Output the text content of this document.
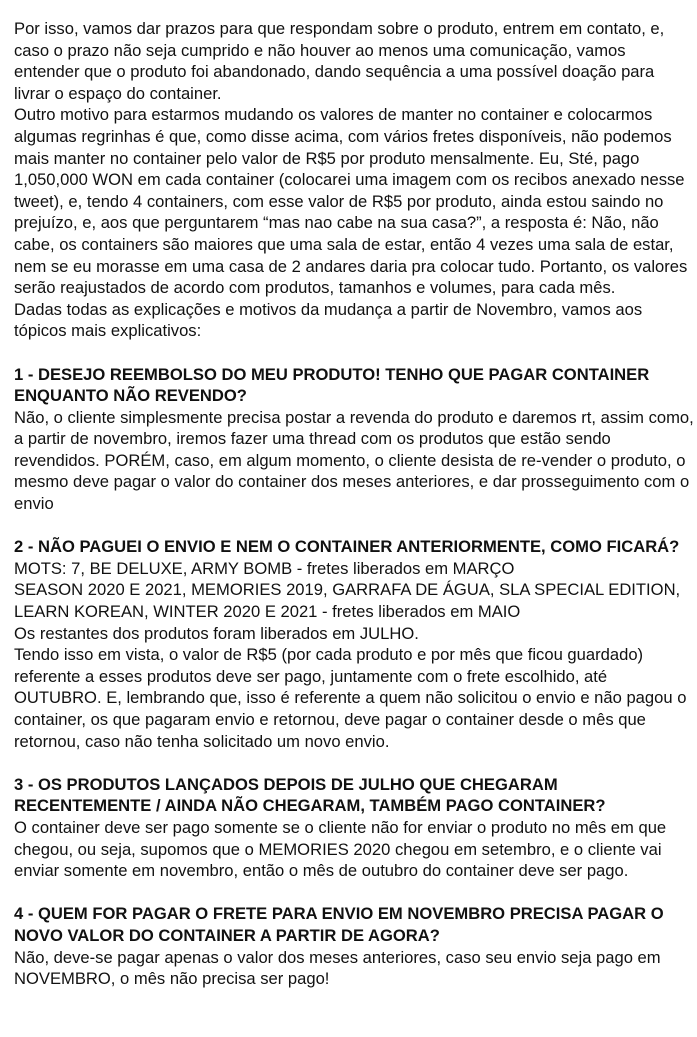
Por isso, vamos dar prazos para que respondam sobre o produto, entrem em contato, e,
caso o prazo não seja cumprido e não houver ao menos uma comunicação, vamos
entender que o produto foi abandonado, dando sequência a uma possível doação para
livrar o espaço do container.

Outro motivo para estarmos mudando os valores de manter no container e colocarmos
algumas regrinhas é que, como disse acima, com vários fretes disponíveis, não podemos
mais manter no container pelo valor de R$5 por produto mensalmente. Eu, Sté, pago
1,050,000 WON em cada container (colocarei uma imagem com os recibos anexado nesse
tweet), e, tendo 4 containers, com esse valor de R$5 por produto, ainda estou saindo no
prejuízo, e, aos que perguntarem “mas nao cabe na sua casa?”, a resposta é: Não, não
cabe, os containers são maiores que uma sala de estar, então 4 vezes uma sala de estar,
nem se eu morasse em uma casa de 2 andares daria pra colocar tudo. Portanto, os valores
serão reajustados de acordo com produtos, tamanhos e volumes, para cada mês.

Dadas todas as explicações e motivos da mudança a partir de Novembro, vamos aos
tópicos mais explicativos:

1 - DESEJO REEMBOLSO DO MEU PRODUTO! TENHO QUE PAGAR CONTAINER
ENQUANTO NÃO REVENDO?

Não, o cliente simplesmente precisa postar a revenda do produto e daremos rt, assim como,
a partir de novembro, iremos fazer uma thread com os produtos que estão sendo
revendidos. PORÉM, caso, em algum momento, o cliente desista de re-vender o produto, o
mesmo deve pagar o valor do container dos meses anteriores, e dar prosseguimento com o
envio

2 - NÃO PAGUEI O ENVIO E NEM O CONTAINER ANTERIORMENTE, COMO FICARÁ?

MOTS: 7, BE DELUXE, ARMY BOMB - fretes liberados em MARÇO
SEASON 2020 E 2021, MEMORIES 2019, GARRAFA DE ÁGUA, SLA SPECIAL EDITION,
LEARN KOREAN, WINTER 2020 E 2021 - fretes liberados em MAIO
Os restantes dos produtos foram liberados em JULHO.
Tendo isso em vista, o valor de R$5 (por cada produto e por mês que ficou guardado)
referente a esses produtos deve ser pago, juntamente com o frete escolhido, até
OUTUBRO. E, lembrando que, isso é referente a quem não solicitou o envio e não pagou o
container, os que pagaram envio e retornou, deve pagar o container desde o mês que
retornou, caso não tenha solicitado um novo envio.

3 - OS PRODUTOS LANÇADOS DEPOIS DE JULHO QUE CHEGARAM
RECENTEMENTE / AINDA NÃO CHEGARAM, TAMBÉM PAGO CONTAINER?

O container deve ser pago somente se o cliente não for enviar o produto no mês em que
chegou, ou seja, supomos que o MEMORIES 2020 chegou em setembro, e o cliente vai
enviar somente em novembro, então o mês de outubro do container deve ser pago.

4 - QUEM FOR PAGAR O FRETE PARA ENVIO EM NOVEMBRO PRECISA PAGAR O
NOVO VALOR DO CONTAINER A PARTIR DE AGORA?

Não, deve-se pagar apenas o valor dos meses anteriores, caso seu envio seja pago em
NOVEMBRO, o mês não precisa ser pago!
